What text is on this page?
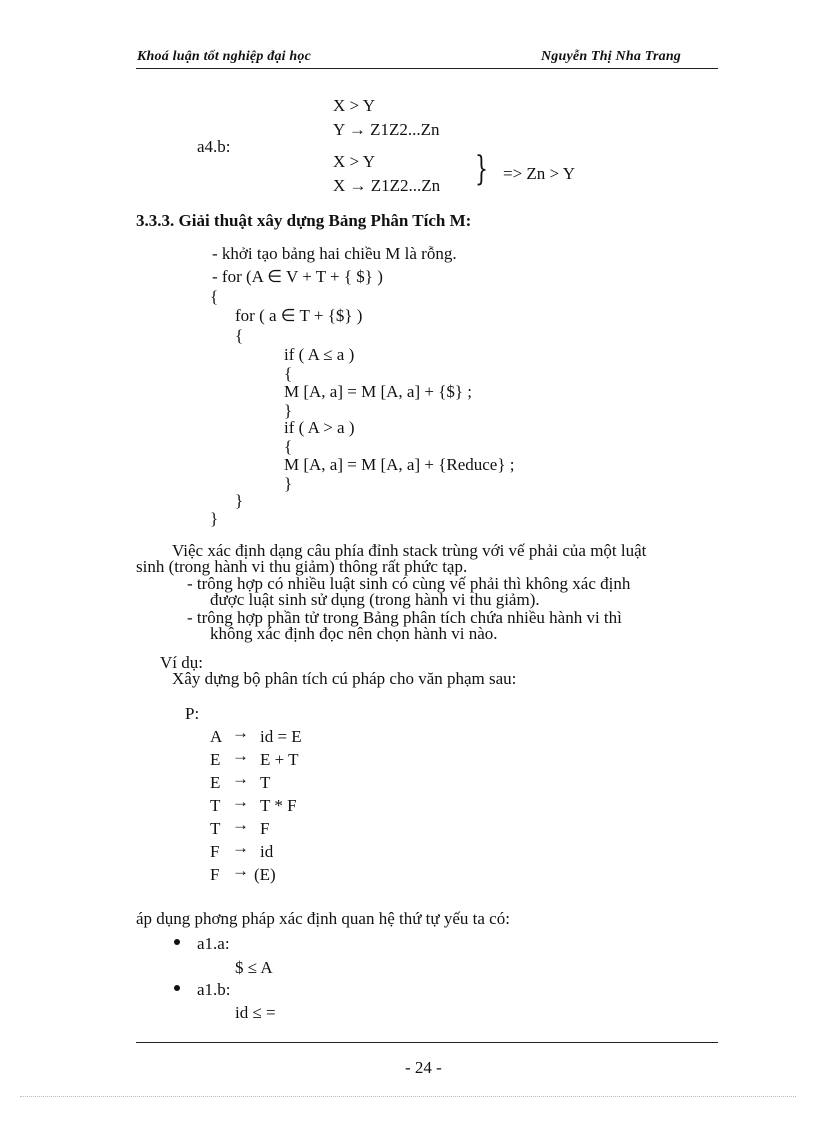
Khoá luận tốt nghiệp đại học	Nguyễn Thị Nha Trang
X > Y
Y → Z1Z2...Zn
a4.b:
X > Y
X → Z1Z2...Zn } => Zn > Y
3.3.3. Giải thuật xây dựng Bảng Phân Tích M:
- khởi tạo bảng hai chiều M là rỗng.
- for (A ∈ V + T + { $} )
{
for ( a ∈ T + {$} )
{
if ( A ≤ a )
{
M [A, a] = M [A, a] + {$} ;
}
if ( A > a )
{
M [A, a] = M [A, a] + {Reduce} ;
}
}
}
Việc xác định dạng câu phía đỉnh stack trùng với vế phải của một luật
sinh (trong hành vi thu giảm) thông rất phức tạp.
- trông hợp có nhiều luật sinh có cùng vế phải thì không xác định
được luật sinh sử dụng (trong hành vi thu giảm).
- trông hợp phần tử trong Bảng phân tích chứa nhiều hành vi thì
không xác định đọc nên chọn hành vi nào.
Ví dụ:
Xây dựng bộ phân tích cú pháp cho văn phạm sau:
P:
A → id = E
E → E + T
E → T
T → T * F
T → F
F → id
F → (E)
áp dụng phơng pháp xác định quan hệ thứ tự yếu ta có:
a1.a:
$ ≤ A
a1.b:
id ≤ =
- 24 -
